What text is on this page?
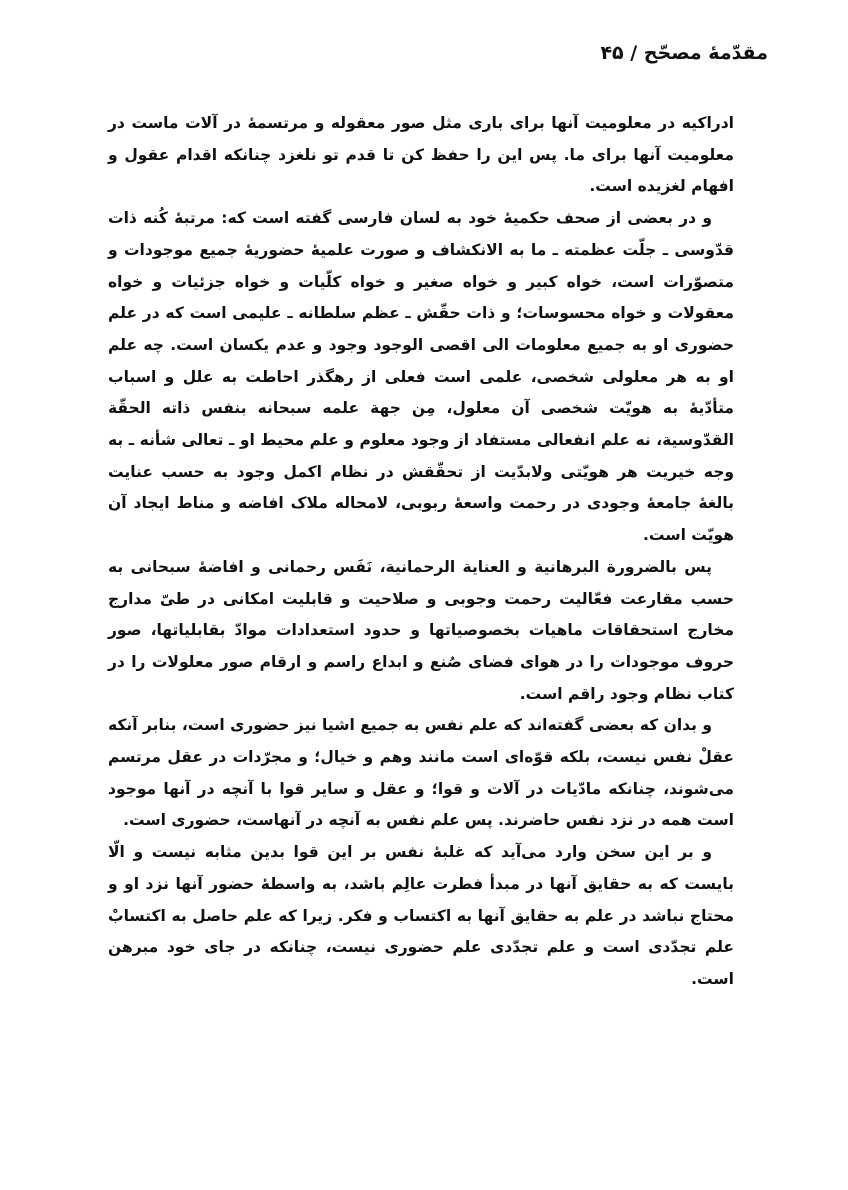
مقدّمهٔ مصحّح / ۴۵

ادراکیه در معلومیت آنها برای باری مثل صور معقوله و مرتسمهٔ در آلات ماست در معلومیت آنها برای ما. پس این را حفظ کن تا قدم تو نلغزد چنانکه اقدام عقول و افهام لغزیده است.

و در بعضی از صحف حکمیهٔ خود به لسان فارسی گفته است که: مرتبهٔ کُنه ذات قدّوسی ـ جلّت عظمته ـ ما به الانکشاف و صورت علمیهٔ حضوریهٔ جمیع موجودات و متصوّرات است، خواه کبیر و خواه صغیر و خواه کلّیات و خواه جزئیات و خواه معقولات و خواه محسوسات؛ و ذات حقّش ـ عظم سلطانه ـ علیمی است که در علم حضوری او به جمیع معلومات الی اقصی الوجود وجود و عدم یکسان است. چه علم او به هر معلولی شخصی، علمی است فعلی از رهگذر احاطت به علل و اسباب متأدّیهٔ به هویّت شخصی آن معلول، مِن جهة علمه سبحانه بنفس ذاته الحقّة القدّوسیة، نه علم انفعالی مستفاد از وجود معلوم و علم محیط او ـ تعالی شأنه ـ به وجه خیریت هر هویّتی ولابدّیت از تحقّقش در نظام اکمل وجود به حسب عنایت بالغهٔ جامعهٔ وجودی در رحمت واسعهٔ ربوبی، لامحاله ملاک افاضه و مناط ایجاد آن هویّت است.

پس بالضرورة البرهانیة و العنایة الرحمانیة، نَفَس رحمانی و افاضهٔ سبحانی به حسب مقارعت فعّالیت رحمت وجوبی و صلاحیت و قابلیت امکانی در طیّ مدارج مخارج استحقاقات ماهیات بخصوصیاتها و حدود استعدادات موادّ بقابلیاتها، صور حروف موجودات را در هوای فضای صُنع و ابداع راسم و ارقام صور معلولات را در کتاب نظام وجود راقم است.

و بدان که بعضی گفته‌اند که علم نفس به جمیع اشیا نیز حضوری است، بنابر آنکه عقلْ نفس نیست، بلکه قوّه‌ای است مانند وهم و خیال؛ و مجرّدات در عقل مرتسم می‌شوند، چنانکه مادّیات در آلات و قوا؛ و عقل و سایر قوا با آنچه در آنها موجود است همه در نزد نفس حاضرند. پس علم نفس به آنچه در آنهاست، حضوری است.

و بر این سخن وارد می‌آید که غلبهٔ نفس بر این قوا بدین مثابه نیست و الّا بایست که به حقایق آنها در مبدأ فطرت عالِم باشد، به واسطهٔ حضور آنها نزد او و محتاج نباشد در علم به حقایق آنها به اکتساب و فکر. زیرا که علم حاصل به اکتسابْ علم تجدّدی است و علم تجدّدی علم حضوری نیست، چنانکه در جای خود مبرهن است.
